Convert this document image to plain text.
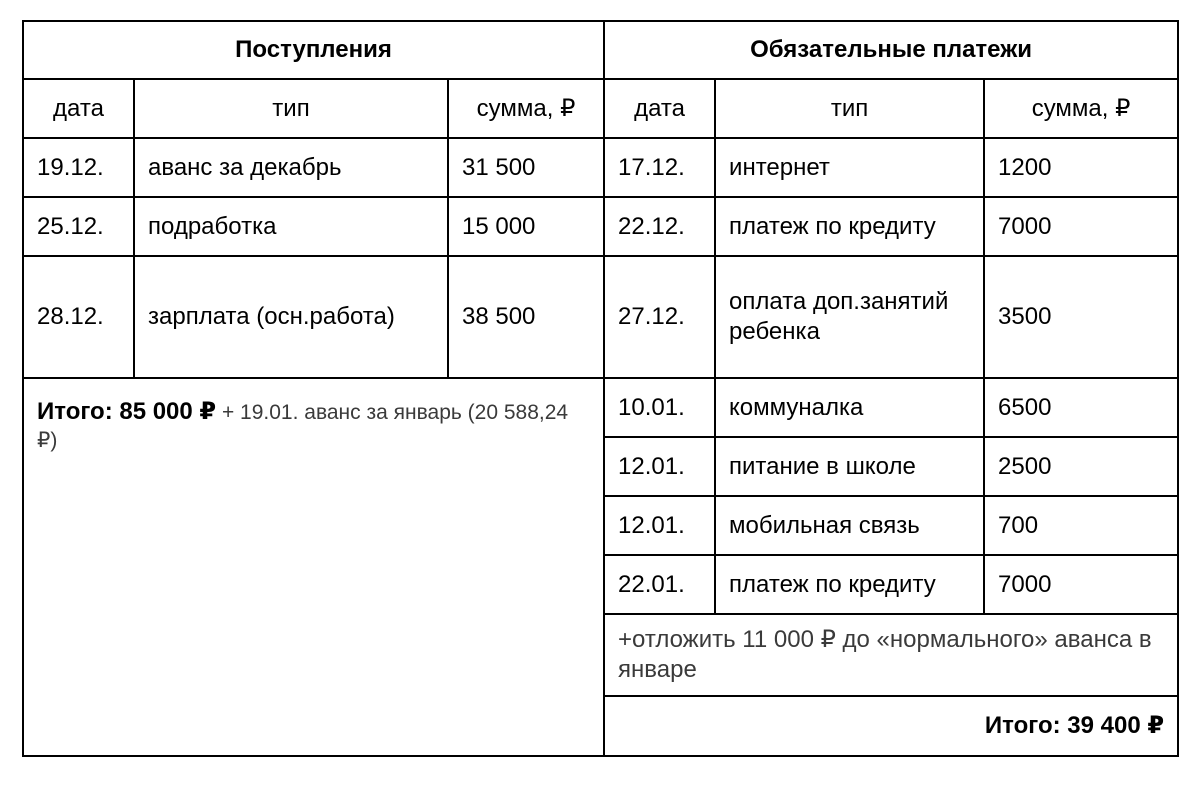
Поступления			Обязательные платежи		
дата	тип	сумма, ₽	дата	тип	сумма, ₽
19.12.	аванс за декабрь	31 500	17.12.	интернет	1200
25.12.	подработка	15 000	22.12.	платеж по кредиту	7000
28.12.	зарплата (осн.работа)	38 500	27.12.	оплата доп.занятий ребенка	3500
Итого: 85 000 ₽ + 19.01. аванс за январь (20 588,24 ₽)			10.01.	коммуналка	6500
			12.01.	питание в школе	2500
			12.01.	мобильная связь	700
			22.01.	платеж по кредиту	7000
			+отложить 11 000 ₽ до «нормального» аванса в январе		
			Итого: 39 400 ₽		
